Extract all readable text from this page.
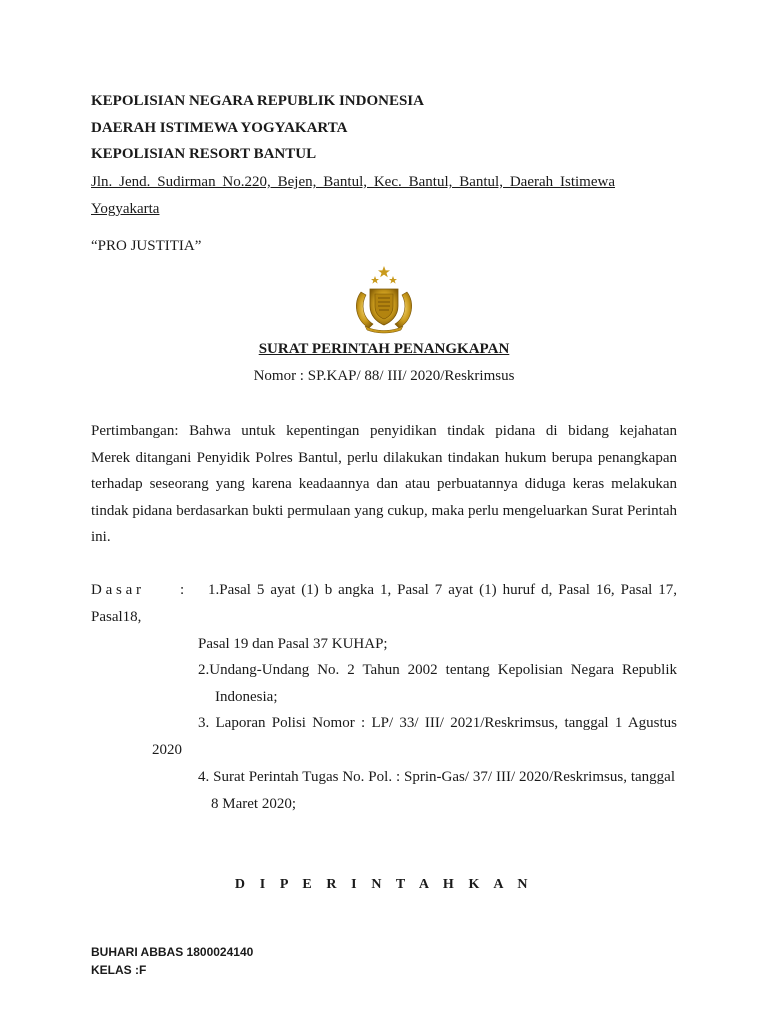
KEPOLISIAN NEGARA REPUBLIK INDONESIA
DAERAH ISTIMEWA YOGYAKARTA
KEPOLISIAN RESORT BANTUL
Jln. Jend. Sudirman No.220, Bejen, Bantul, Kec. Bantul, Bantul, Daerah Istimewa
Yogyakarta
“PRO JUSTITIA”
SURAT PERINTAH PENANGKAPAN
Nomor : SP.KAP/ 88/ III/ 2020/Reskrimsus
Pertimbangan: Bahwa untuk kepentingan penyidikan tindak pidana di bidang kejahatan
Merek ditangani Penyidik Polres Bantul, perlu dilakukan tindakan hukum berupa penangkapan
terhadap seseorang yang karena keadaannya dan atau perbuatannya diduga keras melakukan
tindak pidana berdasarkan bukti permulaan yang cukup, maka perlu mengeluarkan Surat Perintah
ini.
D a s a r	: 1.Pasal 5 ayat (1) b angka 1, Pasal 7 ayat (1) huruf d, Pasal 16, Pasal 17,
Pasal18,
Pasal 19 dan Pasal 37 KUHAP;
2.Undang-Undang No. 2 Tahun 2002 tentang Kepolisian Negara Republik
Indonesia;
3. Laporan Polisi Nomor : LP/ 33/ III/ 2021/Reskrimsus, tanggal 1 Agustus
2020
4. Surat Perintah Tugas No. Pol. : Sprin-Gas/ 37/ III/ 2020/Reskrimsus, tanggal
8 Maret 2020;
D I P E R I N T A H K A N
BUHARI ABBAS 1800024140
KELAS :F
